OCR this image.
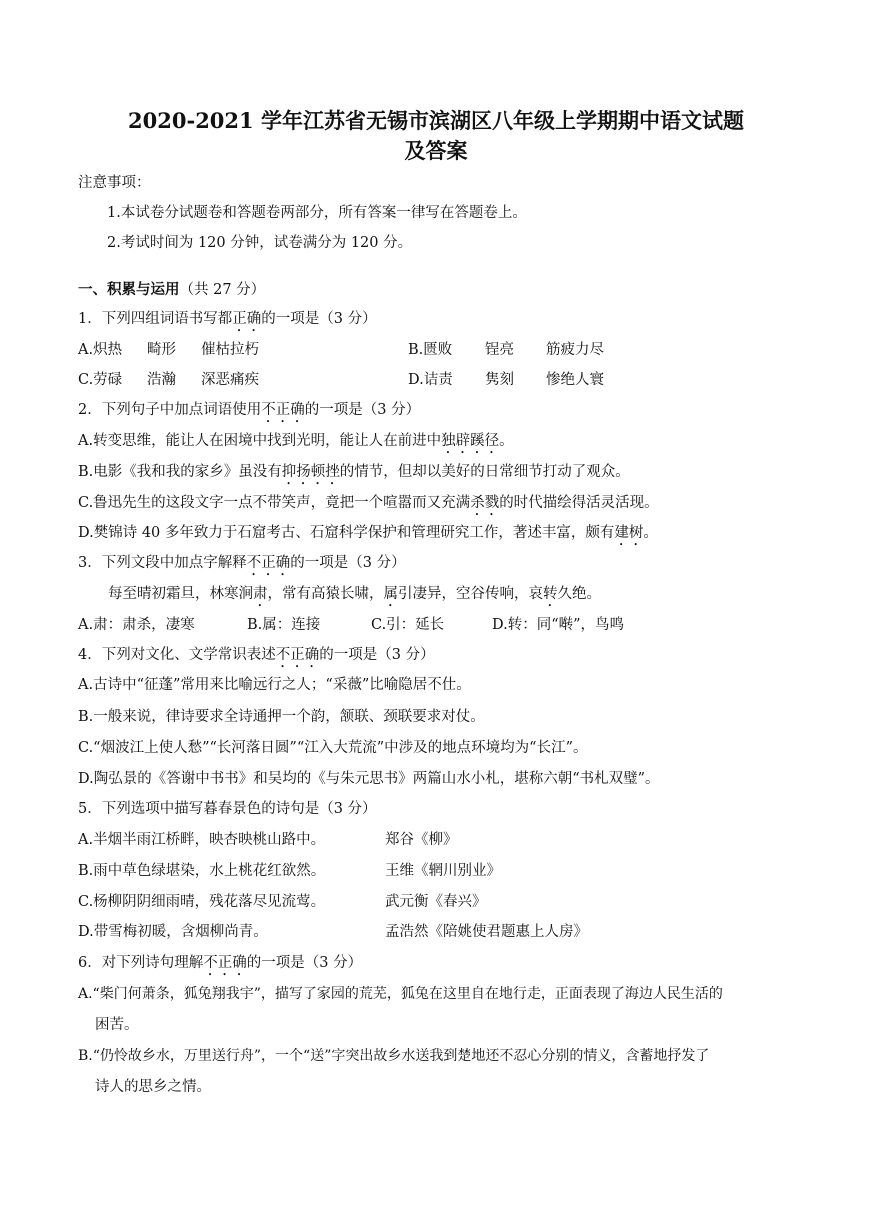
2020-2021 学年江苏省无锡市滨湖区八年级上学期期中语文试题
及答案
注意事项：
1.本试卷分试题卷和答题卷两部分，所有答案一律写在答题卷上。
2.考试时间为 120 分钟，试卷满分为 120 分。
一、积累与运用（共 27 分）
1．下列四组词语书写都正确的一项是（3 分）
A.炽热 畸形 催枯拉朽	B.匮败 锃亮 筋疲力尽
C.劳碌 浩瀚 深恶痛疾	D.诘责 隽刻 惨绝人寰
2．下列句子中加点词语使用不正确的一项是（3 分）
A.转变思维，能让人在困境中找到光明，能让人在前进中独辟蹊径。
B.电影《我和我的家乡》虽没有抑扬顿挫的情节，但却以美好的日常细节打动了观众。
C.鲁迅先生的这段文字一点不带笑声，竟把一个喧嚣而又充满杀戮的时代描绘得活灵活现。
D.樊锦诗 40 多年致力于石窟考古、石窟科学保护和管理研究工作，著述丰富，颇有建树。
3．下列文段中加点字解释不正确的一项是（3 分）
每至晴初霜旦，林寒涧肃，常有高猿长啸，属引凄异，空谷传响，哀转久绝。
A.肃：肃杀，凄寒	B.属：连接	C.引：延长	D.转：同“啭”，鸟鸣
4．下列对文化、文学常识表述不正确的一项是（3 分）
A.古诗中“征蓬”常用来比喻远行之人；“采薇”比喻隐居不仕。
B.一般来说，律诗要求全诗通押一个韵，颔联、颈联要求对仗。
C.“烟波江上使人愁”“长河落日圆”“江入大荒流”中涉及的地点环境均为“长江”。
D.陶弘景的《答谢中书书》和吴均的《与朱元思书》两篇山水小札，堪称六朝“书札双璧”。
5．下列选项中描写暮春景色的诗句是（3 分）
A.半烟半雨江桥畔，映杏映桃山路中。	郑谷《柳》
B.雨中草色绿堪染，水上桃花红欲然。	王维《辋川别业》
C.杨柳阴阴细雨晴，残花落尽见流莺。	武元衡《春兴》
D.带雪梅初暖，含烟柳尚青。	孟浩然《陪姚使君题惠上人房》
6．对下列诗句理解不正确的一项是（3 分）
A.“柴门何萧条，狐兔翔我宇”，描写了家园的荒芜，狐兔在这里自在地行走，正面表现了海边人民生活的
困苦。
B.“仍怜故乡水，万里送行舟”，一个“送”字突出故乡水送我到楚地还不忍心分别的情义，含蓄地抒发了
诗人的思乡之情。
